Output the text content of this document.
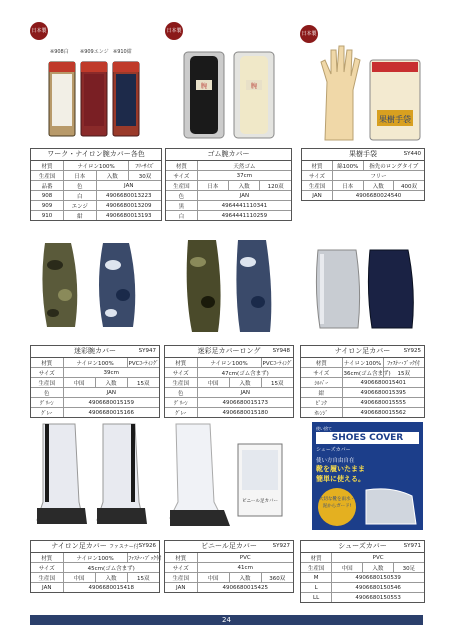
日本製	日本製	日本製
※908白 ※909エンジ ※910紺
腕	腕
果樹手袋
ワーク・ナイロン腕カバー各色
材質	ナイロン100%		ﾌﾘｰｻｲｽﾞ
生産国	日本	入数	30双
品番	色	JAN	
908	白	4906680013223	
909	エンジ	4906680013209	
910	紺	4906680013193	
ゴム腕カバー
材質	天然ゴム		
サイズ	37cm		
生産国	日本	入数	120双
色	JAN		
黒	4964441110341		
白	4964441110259		
果樹手袋	SY440
材質	綿100%	指先のロングタイプ	
サイズ	フリー		
生産国	日本	入数	400双
JAN	4906680024540		
迷彩腕カバー	SY947
材質	ナイロン100%		PVCｺｰﾃｨﾝｸﾞ
サイズ	39cm		
生産国	中国	入数	15双
色	JAN		
ｸﾞﾘｰﾝ	4906680015159		
ｸﾞﾚｰ	4906680015166		
迷彩足カバーロング SY948
材質	ナイロン100%		PVCｺｰﾃｨﾝｸﾞ
サイズ	47cm(ゴム含まず)		
生産国	中国	入数	15双
色	JAN		
ｸﾞﾘｰﾝ	4906680015173		
ｸﾞﾚｰ	4906680015180		
ナイロン足カバー SY925
材質	ナイロン100%	ﾌｧｽﾅｰ･ﾌﾞｯｸ付
サイズ	36cm(ゴム含まず)	15双
ｼﾙﾊﾞｰ	4906680015401	
紺	4906680015395	
ﾋﾟﾝｸ	4906680015555	
ｵﾚﾝｼﾞ	4906680015562	
ビニール足カバー
使い捨て
SHOES COVER
シューズカバー
使い方自由自在
靴を履いたまま
簡単に使える。
大切な靴を雨水・泥からガード!
ナイロン足カバー ファスナー付 SY926
材質	ナイロン100%		ﾌｧｽﾅｰ･ﾌﾞｯｸ付
サイズ	45cm(ゴム含まず)		
生産国	中国	入数	15双
JAN	4906680015418		
ビニール足カバー	SY927
材質	PVC		
サイズ	41cm		
生産国	中国	入数	360双
JAN	4906680015425		
シューズカバー	SY971
材質	PVC		
生産国	中国	入数	30足
M	4906680150539		
L	4906680150546		
LL	4906680150553		
24
